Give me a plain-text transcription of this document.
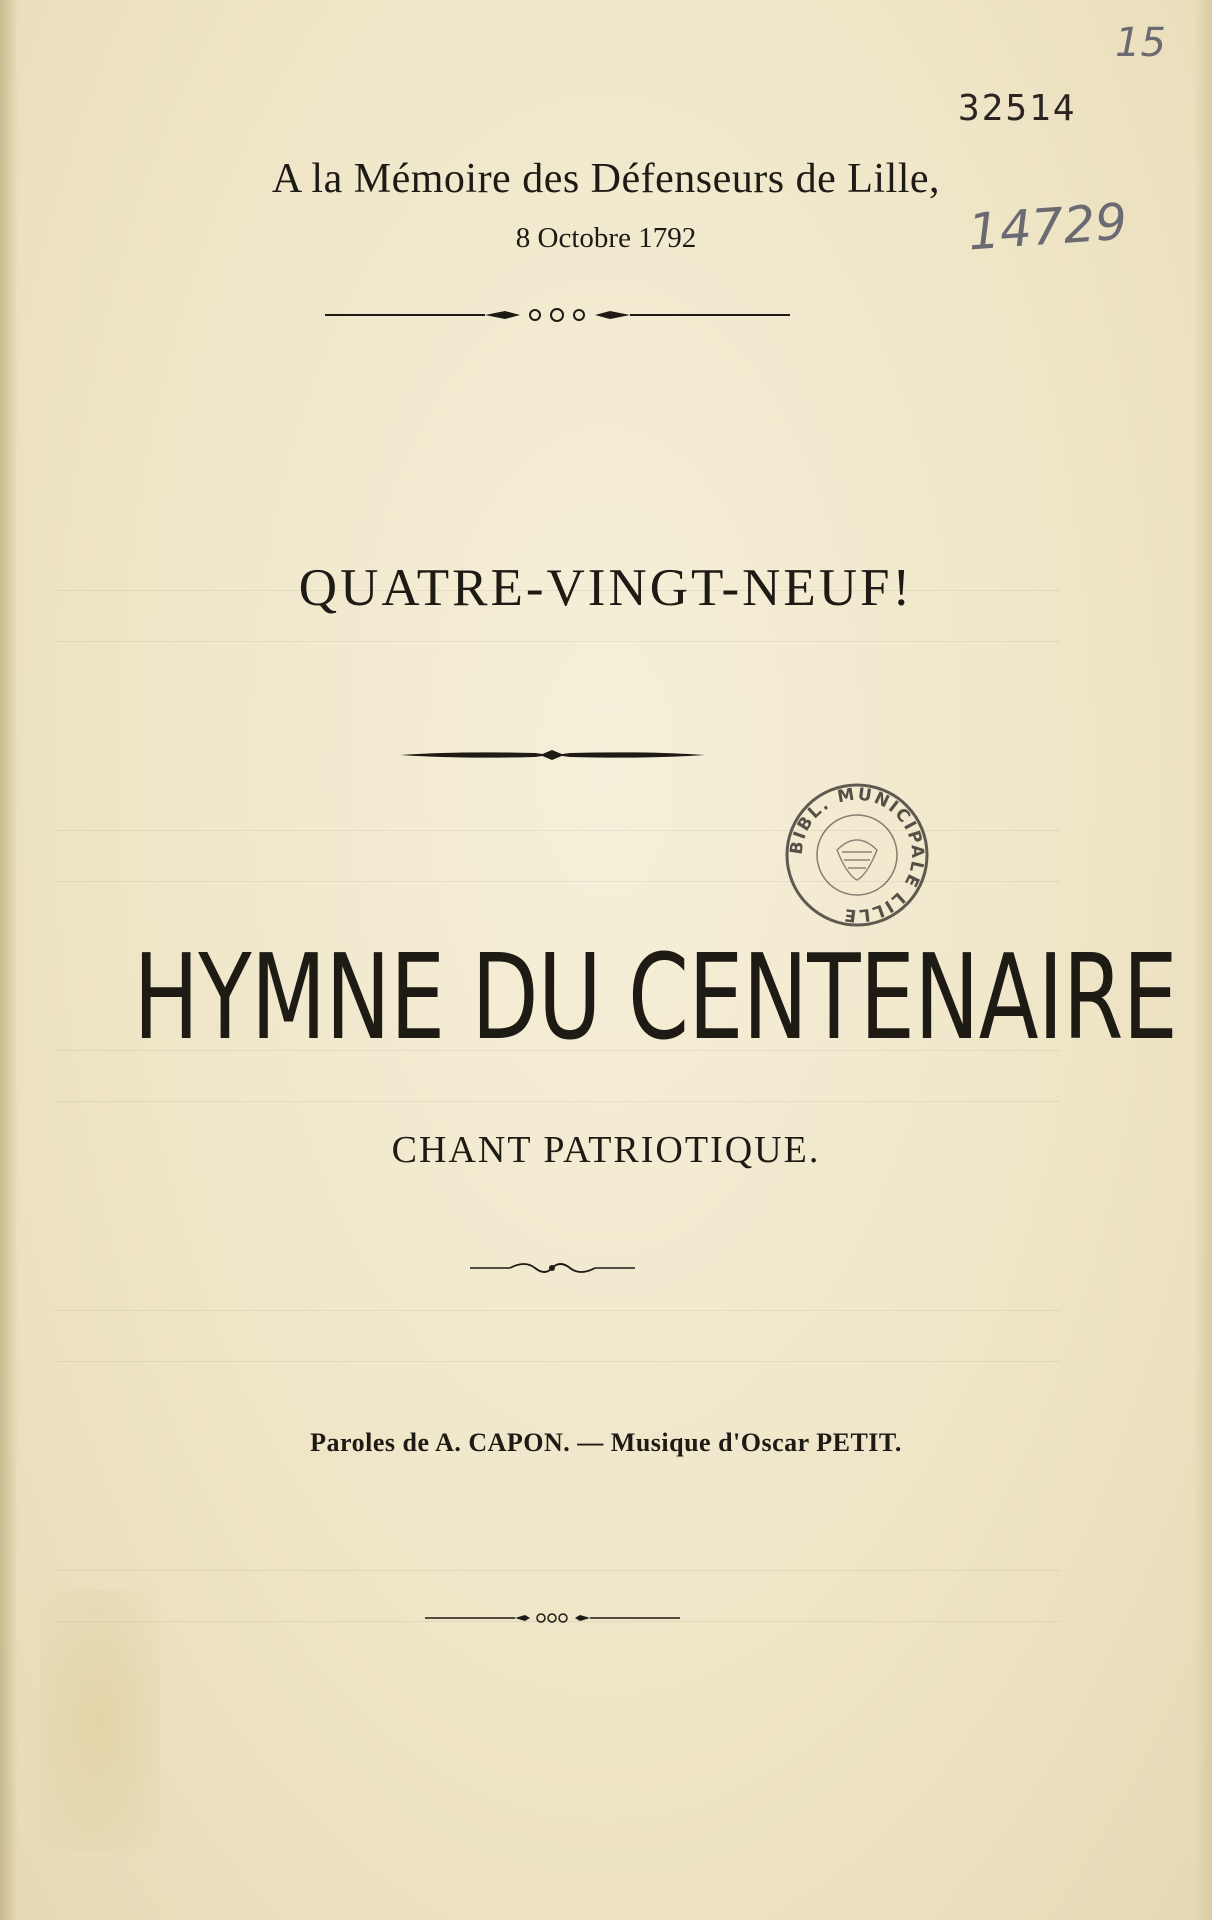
15
32514
14729
A la Mémoire des Défenseurs de Lille,
8 Octobre 1792
QUATRE-VINGT-NEUF!
BIBL. MUNICIPALE LILLE
HYMNE DU CENTENAIRE
CHANT PATRIOTIQUE.
Paroles de A. CAPON. — Musique d'Oscar PETIT.
